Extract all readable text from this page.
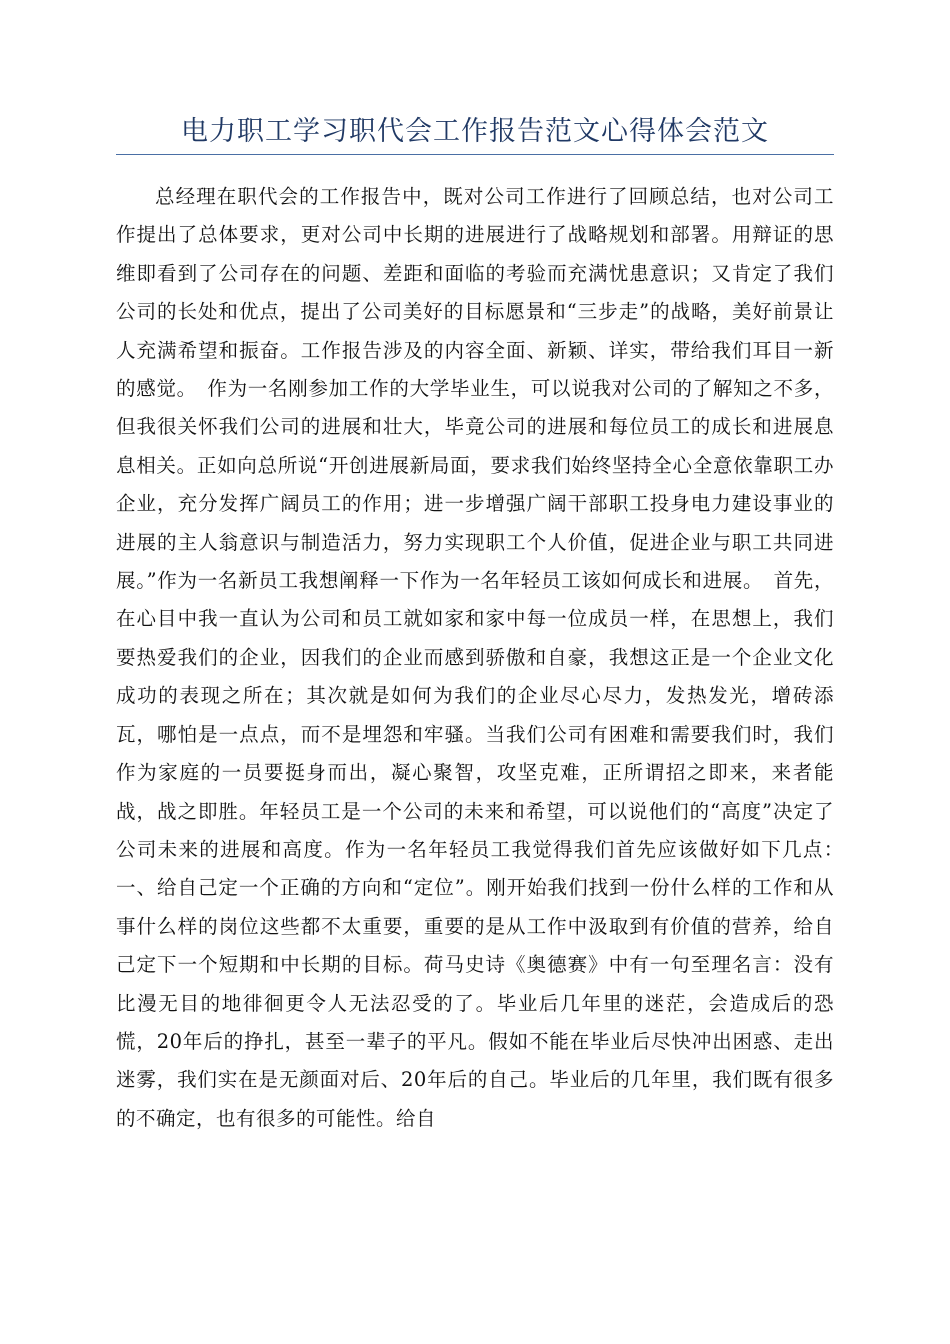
电力职工学习职代会工作报告范文心得体会范文

总经理在职代会的工作报告中，既对公司工作进行了回顾总结，也对公司工作提出了总体要求，更对公司中长期的进展进行了战略规划和部署。用辩证的思维即看到了公司存在的问题、差距和面临的考验而充满忧患意识；又肯定了我们公司的长处和优点，提出了公司美好的目标愿景和“三步走”的战略，美好前景让人充满希望和振奋。工作报告涉及的内容全面、新颖、详实，带给我们耳目一新的感觉。　作为一名刚参加工作的大学毕业生，可以说我对公司的了解知之不多，但我很关怀我们公司的进展和壮大，毕竟公司的进展和每位员工的成长和进展息息相关。正如向总所说“开创进展新局面，要求我们始终坚持全心全意依靠职工办企业，充分发挥广阔员工的作用；进一步增强广阔干部职工投身电力建设事业的进展的主人翁意识与制造活力，努力实现职工个人价值，促进企业与职工共同进展。”作为一名新员工我想阐释一下作为一名年轻员工该如何成长和进展。　首先，在心目中我一直认为公司和员工就如家和家中每一位成员一样，在思想上，我们要热爱我们的企业，因我们的企业而感到骄傲和自豪，我想这正是一个企业文化成功的表现之所在；其次就是如何为我们的企业尽心尽力，发热发光，增砖添瓦，哪怕是一点点，而不是埋怨和牢骚。当我们公司有困难和需要我们时，我们作为家庭的一员要挺身而出，凝心聚智，攻坚克难，正所谓招之即来，来者能战，战之即胜。年轻员工是一个公司的未来和希望，可以说他们的“高度”决定了公司未来的进展和高度。作为一名年轻员工我觉得我们首先应该做好如下几点：　一、给自己定一个正确的方向和“定位”。刚开始我们找到一份什么样的工作和从事什么样的岗位这些都不太重要，重要的是从工作中汲取到有价值的营养，给自己定下一个短期和中长期的目标。荷马史诗《奥德赛》中有一句至理名言：没有比漫无目的地徘徊更令人无法忍受的了。毕业后几年里的迷茫，会造成后的恐慌，20年后的挣扎，甚至一辈子的平凡。假如不能在毕业后尽快冲出困惑、走出迷雾，我们实在是无颜面对后、20年后的自己。毕业后的几年里，我们既有很多的不确定，也有很多的可能性。给自
